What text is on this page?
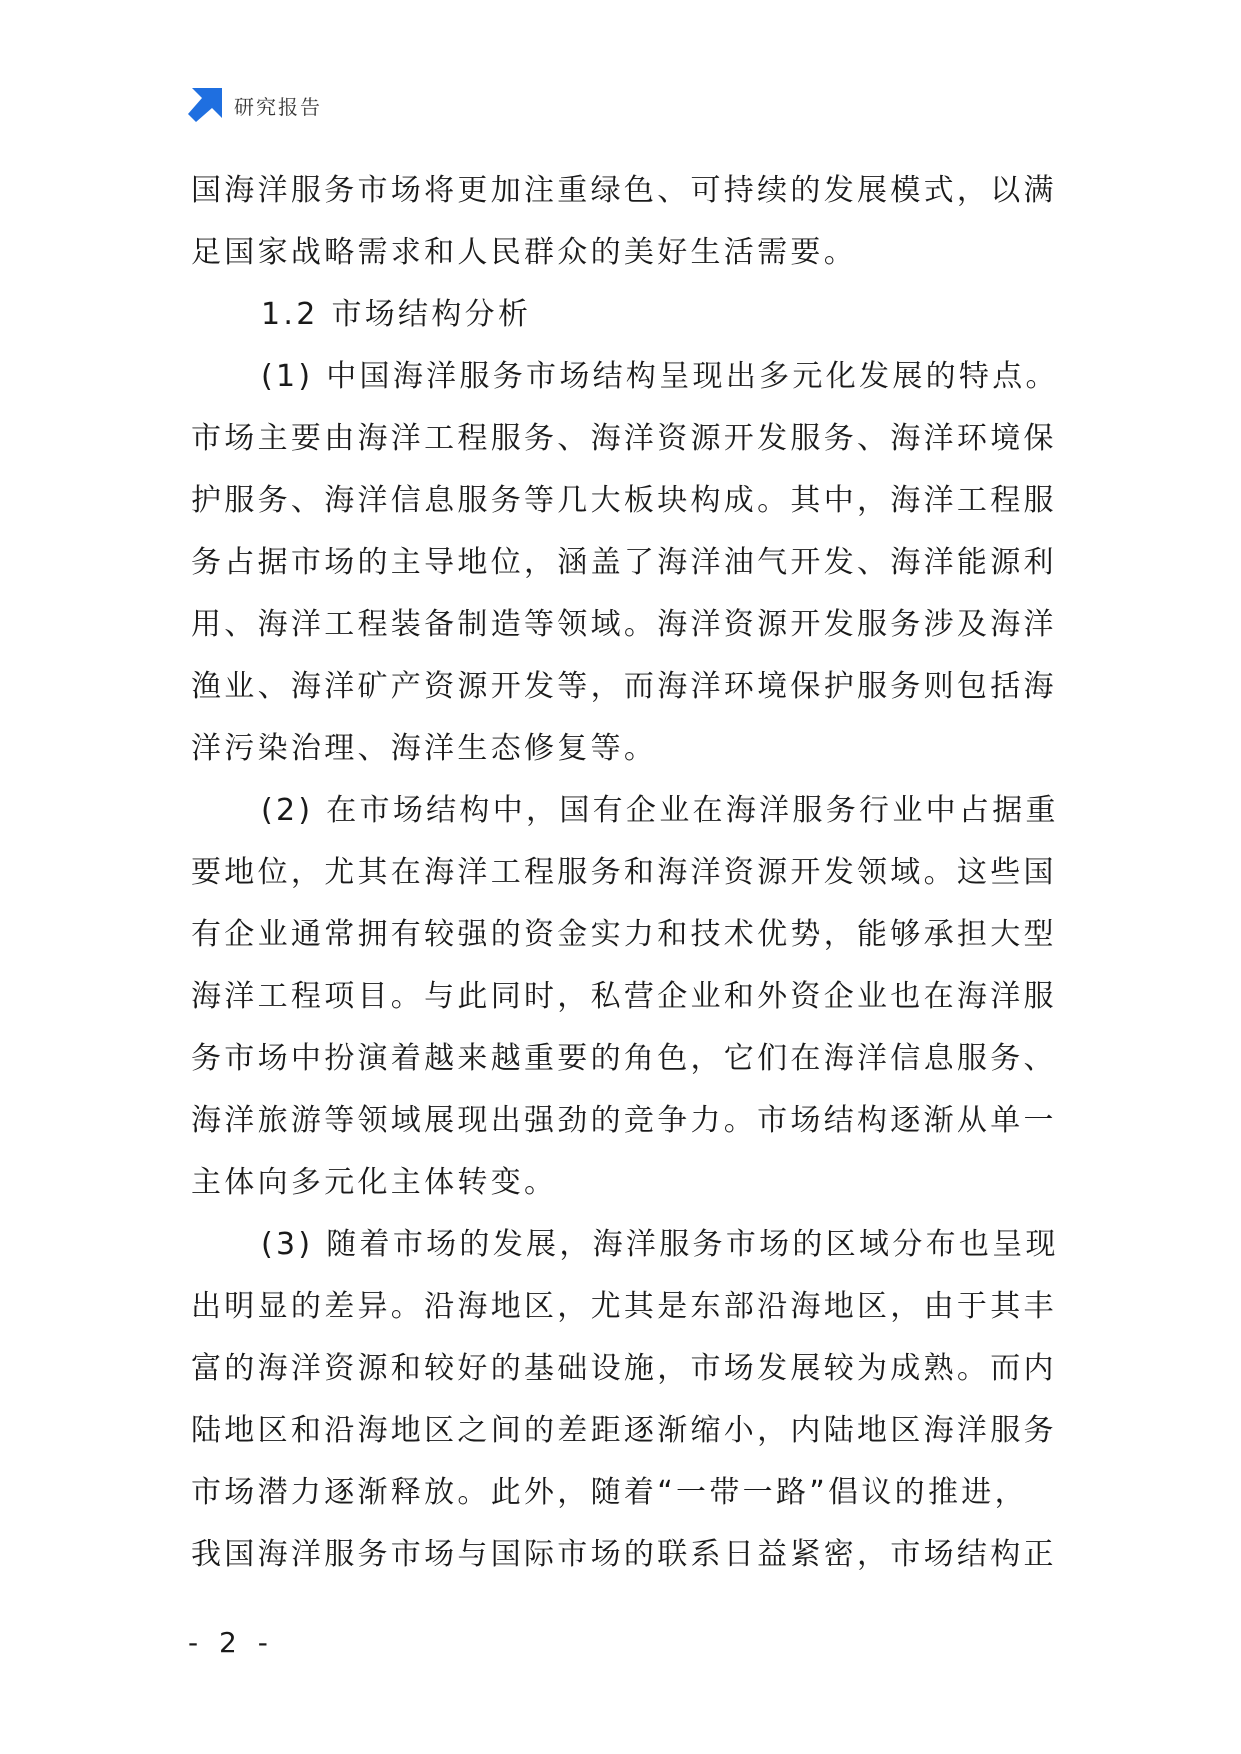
研究报告
国海洋服务市场将更加注重绿色、可持续的发展模式，以满
足国家战略需求和人民群众的美好生活需要。
1.2 市场结构分析
(1) 中国海洋服务市场结构呈现出多元化发展的特点。
市场主要由海洋工程服务、海洋资源开发服务、海洋环境保
护服务、海洋信息服务等几大板块构成。其中，海洋工程服
务占据市场的主导地位，涵盖了海洋油气开发、海洋能源利
用、海洋工程装备制造等领域。海洋资源开发服务涉及海洋
渔业、海洋矿产资源开发等，而海洋环境保护服务则包括海
洋污染治理、海洋生态修复等。
(2) 在市场结构中，国有企业在海洋服务行业中占据重
要地位，尤其在海洋工程服务和海洋资源开发领域。这些国
有企业通常拥有较强的资金实力和技术优势，能够承担大型
海洋工程项目。与此同时，私营企业和外资企业也在海洋服
务市场中扮演着越来越重要的角色，它们在海洋信息服务、
海洋旅游等领域展现出强劲的竞争力。市场结构逐渐从单一
主体向多元化主体转变。
(3) 随着市场的发展，海洋服务市场的区域分布也呈现
出明显的差异。沿海地区，尤其是东部沿海地区，由于其丰
富的海洋资源和较好的基础设施，市场发展较为成熟。而内
陆地区和沿海地区之间的差距逐渐缩小，内陆地区海洋服务
市场潜力逐渐释放。此外，随着“一带一路”倡议的推进，
我国海洋服务市场与国际市场的联系日益紧密，市场结构正
- 2 -
